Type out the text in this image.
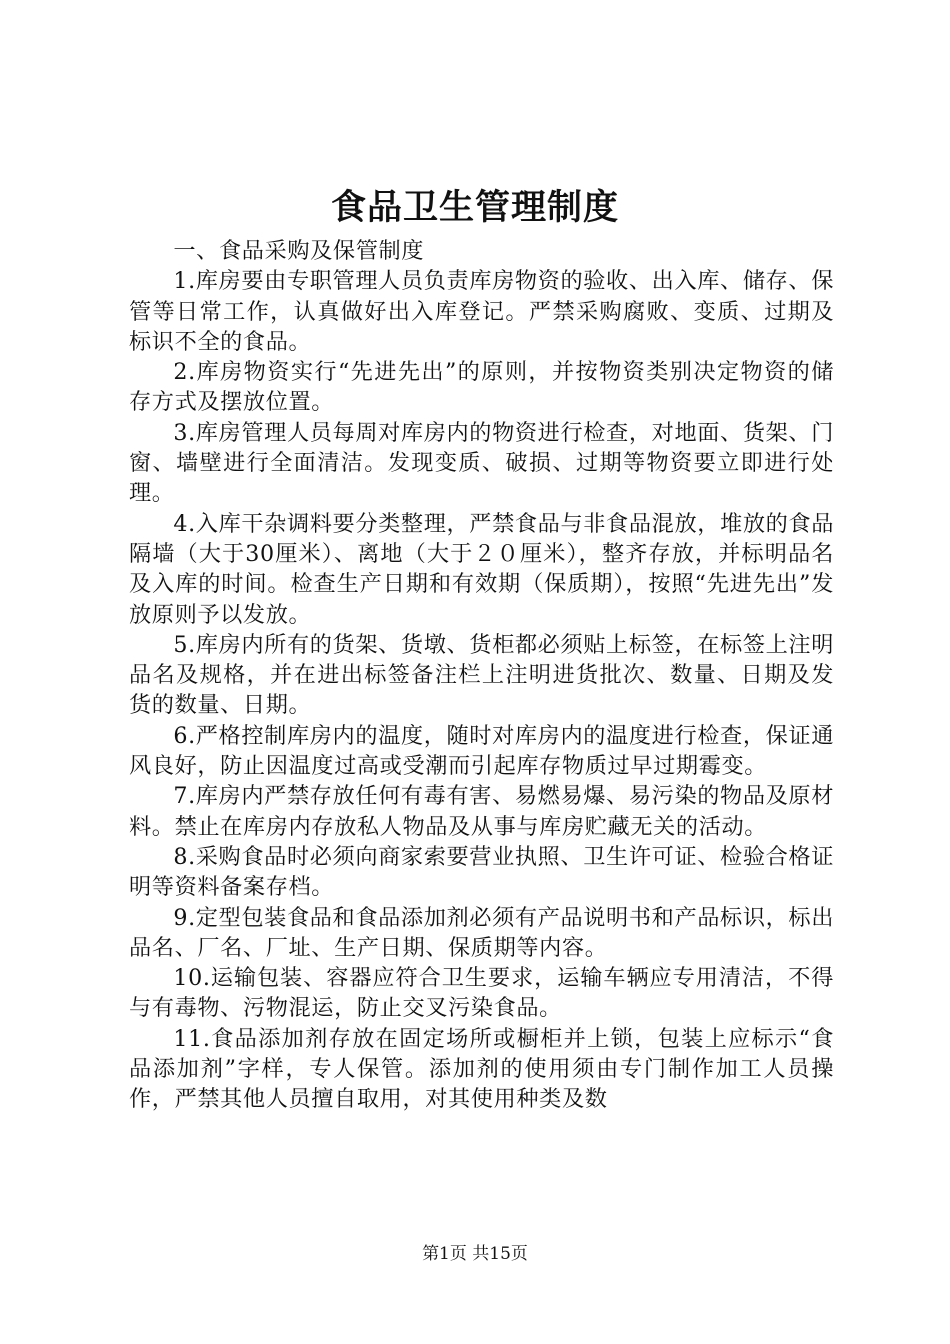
食品卫生管理制度

一、食品采购及保管制度

1.库房要由专职管理人员负责库房物资的验收、出入库、储存、保管等日常工作，认真做好出入库登记。严禁采购腐败、变质、过期及标识不全的食品。

2.库房物资实行“先进先出”的原则，并按物资类别决定物资的储存方式及摆放位置。

3.库房管理人员每周对库房内的物资进行检查，对地面、货架、门窗、墙壁进行全面清洁。发现变质、破损、过期等物资要立即进行处理。

4.入库干杂调料要分类整理，严禁食品与非食品混放，堆放的食品隔墙（大于30厘米）、离地（大于２０厘米），整齐存放，并标明品名及入库的时间。检查生产日期和有效期（保质期），按照“先进先出”发放原则予以发放。

5.库房内所有的货架、货墩、货柜都必须贴上标签，在标签上注明品名及规格，并在进出标签备注栏上注明进货批次、数量、日期及发货的数量、日期。

6.严格控制库房内的温度，随时对库房内的温度进行检查，保证通风良好，防止因温度过高或受潮而引起库存物质过早过期霉变。

7.库房内严禁存放任何有毒有害、易燃易爆、易污染的物品及原材料。禁止在库房内存放私人物品及从事与库房贮藏无关的活动。

8.采购食品时必须向商家索要营业执照、卫生许可证、检验合格证明等资料备案存档。

9.定型包装食品和食品添加剂必须有产品说明书和产品标识，标出品名、厂名、厂址、生产日期、保质期等内容。

10.运输包装、容器应符合卫生要求，运输车辆应专用清洁，不得与有毒物、污物混运，防止交叉污染食品。

11.食品添加剂存放在固定场所或橱柜并上锁，包装上应标示“食品添加剂”字样，专人保管。添加剂的使用须由专门制作加工人员操作，严禁其他人员擅自取用，对其使用种类及数

第1页 共15页
